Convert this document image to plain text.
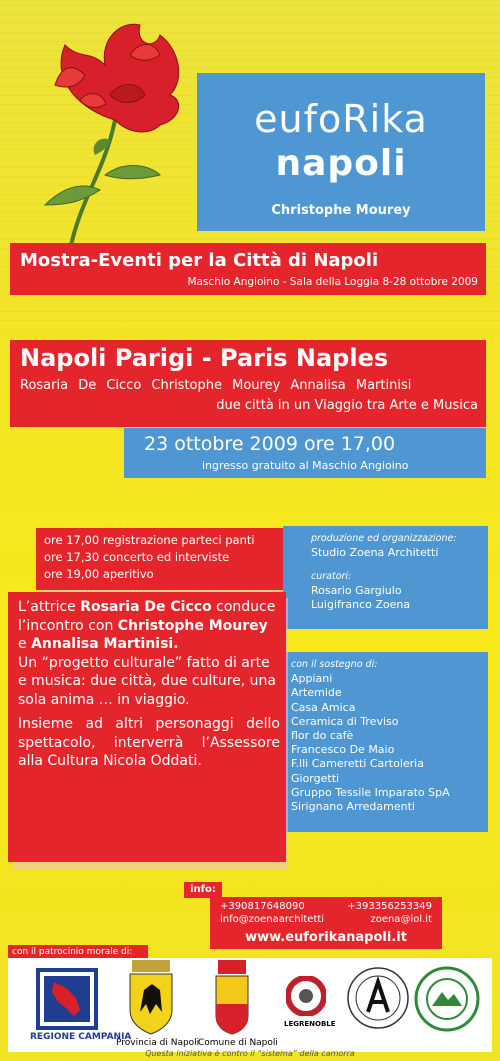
eufoRika
napoli
Christophe Mourey
Mostra-Eventi per la Città di Napoli
Maschio Angioino - Sala della Loggia 8-28 ottobre 2009
Napoli Parigi - Paris Naples
Rosaria De Cicco Christophe Mourey Annalisa Martinisi
due città in un Viaggio tra Arte e Musica
23 ottobre 2009 ore 17,00
ingresso gratuito al Maschio Angioino
ore 17,00 registrazione parteci panti
ore 17,30 concerto ed interviste
ore 19,00 aperitivo
produzione ed organizzazione:
Studio Zoena Architetti
curatori:
Rosario Gargiulo
Luigifranco Zoena
con il sostegno di:
Appiani
Artemide
Casa Amica
Ceramica di Treviso
flor do cafè
Francesco De Maio
F.lli Cameretti Cartoleria
Giorgetti
Gruppo Tessile Imparato SpA
Sirignano Arredamenti

L’attrice Rosaria De Cicco conduce l’incontro con Christophe Mourey e Annalisa Martinisi.

Un “progetto culturale” fatto di arte e musica: due città, due culture, una sola anima … in viaggio.

Insieme ad altri personaggi dello spettacolo, interverrà l’Assessore alla Cultura Nicola Oddati.

info:
+390817648090	+393356253349
info@zoenaarchitetti	zoena@iol.it
www.euforikanapoli.it
con il patrocinio morale di:
REGIONE CAMPANIA
Provincia di Napoli
Comune di Napoli
LEGRENOBLE
Questa iniziativa è contro il “sistema” della camorra
